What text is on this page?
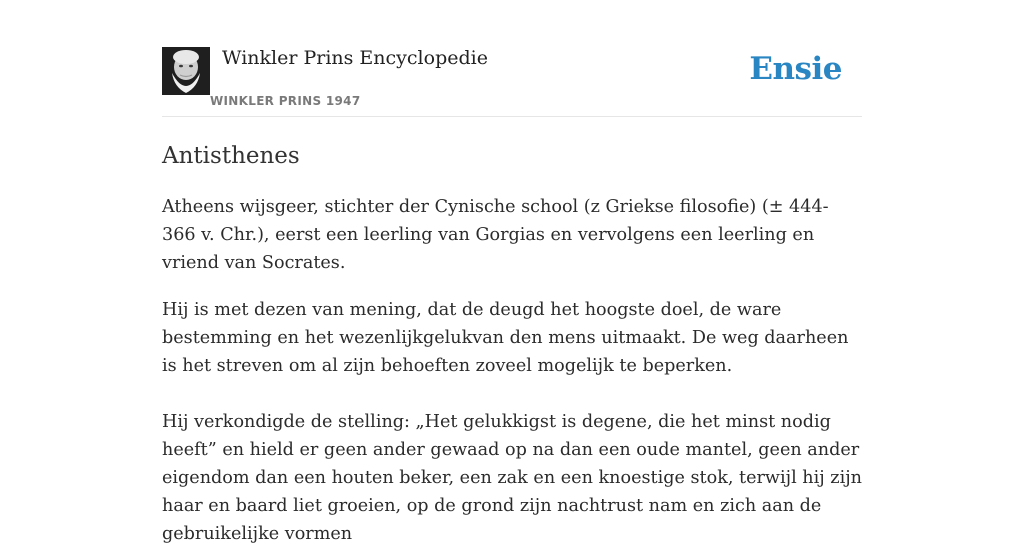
Winkler Prins Encyclopedie
WINKLER PRINS 1947
Ensie
Antisthenes

Atheens wijsgeer, stichter der Cynische school (z Griekse filosofie) (± 444- 366 v. Chr.), eerst een leerling van Gorgias en vervolgens een leerling en vriend van Socrates.

Hij is met dezen van mening, dat de deugd het hoogste doel, de ware bestemming en het wezenlijkgelukvan den mens uitmaakt. De weg daarheen is het streven om al zijn behoeften zoveel mogelijk te beperken.

Hij verkondigde de stelling: „Het gelukkigst is degene, die het minst nodig heeft” en hield er geen ander gewaad op na dan een oude mantel, geen ander eigendom dan een houten beker, een zak en een knoestige stok, terwijl hij zijn haar en baard liet groeien, op de grond zijn nachtrust nam en zich aan de gebruikelijke vormen
